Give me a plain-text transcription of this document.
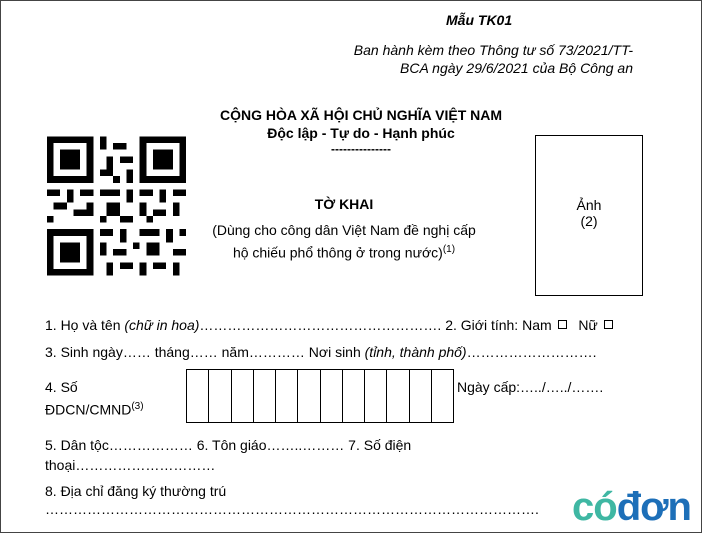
Mẫu TK01
Ban hành kèm theo Thông tư số 73/2021/TT-
BCA ngày 29/6/2021 của Bộ Công an
CỘNG HÒA XÃ HỘI CHỦ NGHĨA VIỆT NAM
Độc lập - Tự do - Hạnh phúc
---------------
TỜ KHAI
(Dùng cho công dân Việt Nam đề nghị cấp
hộ chiếu phổ thông ở trong nước)$^{(1)}$
Ảnh
(2)
1. Họ và tên (chữ in hoa)……………………………………………. 2. Giới tính: Nam Nữ
3. Sinh ngày…… tháng…… năm………… Nơi sinh (tỉnh, thành phố)……………………….
4. Số
ĐDCN/CMND$^{(3)}$
Ngày cấp:…../…../…….
5. Dân tộc……………… 6. Tôn giáo……..……… 7. Số điện
thoại…………………………
8. Địa chỉ đăng ký thường trú
……………………………………………………………………………………………. cóđơn
